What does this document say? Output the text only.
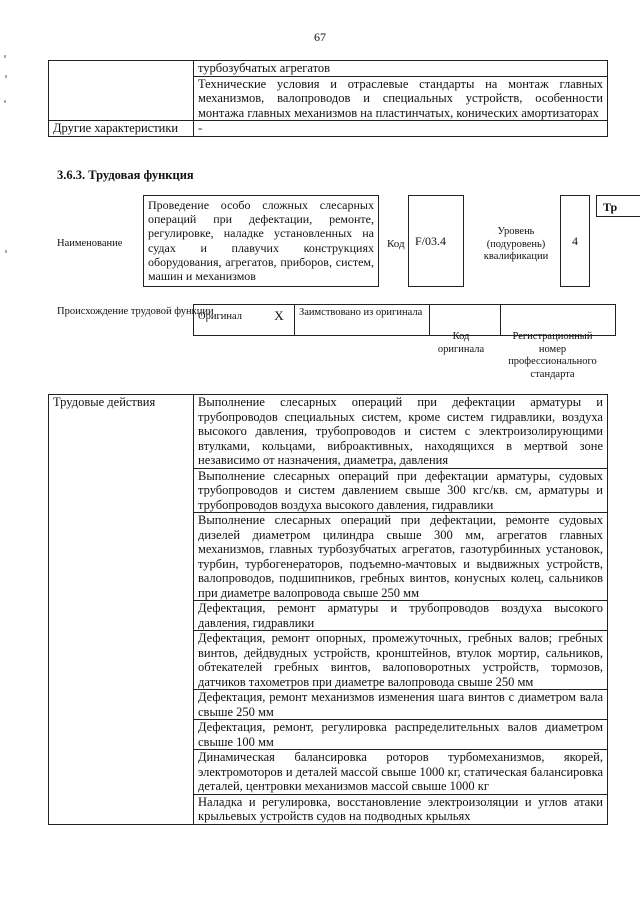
67
	турбозубчатых агрегатов
	Технические условия и отраслевые стандарты на монтаж главных механизмов, валопроводов и специальных устройств, особенности монтажа главных механизмов на пластинчатых, конических амортизаторах
Другие характеристики	-
3.6.3. Трудовая функция
Наименование
Проведение особо сложных слесарных операций при дефектации, ремонте, регулировке, наладке установленных на судах и плавучих конструкциях оборудования, агрегатов, приборов, систем, машин и механизмов
Код F/03.4
Уровень (подуровень) квалификации
4
Тр
Происхождение трудовой функции
Оригинал	X	Заимствовано из оригинала		
Код оригинала
Регистрационный номер профессионального стандарта
Трудовые действия	Выполнение слесарных операций при дефектации арматуры и трубопроводов специальных систем, кроме систем гидравлики, воздуха высокого давления, трубопроводов и систем с электроизолирующими втулками, кольцами, виброактивных, находящихся в мертвой зоне независимо от назначения, диаметра, давления
Выполнение слесарных операций при дефектации арматуры, судовых трубопроводов и систем давлением свыше 300 кгс/кв. см, арматуры и трубопроводов воздуха высокого давления, гидравлики
Выполнение слесарных операций при дефектации, ремонте судовых дизелей диаметром цилиндра свыше 300 мм, агрегатов главных механизмов, главных турбозубчатых агрегатов, газотурбинных установок, турбин, турбогенераторов, подъемно-мачтовых и выдвижных устройств, валопроводов, подшипников, гребных винтов, конусных колец, сальников при диаметре валопровода свыше 250 мм
Дефектация, ремонт арматуры и трубопроводов воздуха высокого давления, гидравлики
Дефектация, ремонт опорных, промежуточных, гребных валов; гребных винтов, дейдвудных устройств, кронштейнов, втулок мортир, сальников, обтекателей гребных винтов, валоповоротных устройств, тормозов, датчиков тахометров при диаметре валопровода свыше 250 мм
Дефектация, ремонт механизмов изменения шага винтов с диаметром вала свыше 250 мм
Дефектация, ремонт, регулировка распределительных валов диаметром свыше 100 мм
Динамическая балансировка роторов турбомеханизмов, якорей, электромоторов и деталей массой свыше 1000 кг, статическая балансировка деталей, центровки механизмов массой свыше 1000 кг
Наладка и регулировка, восстановление электроизоляции и углов атаки крыльевых устройств судов на подводных крыльях
